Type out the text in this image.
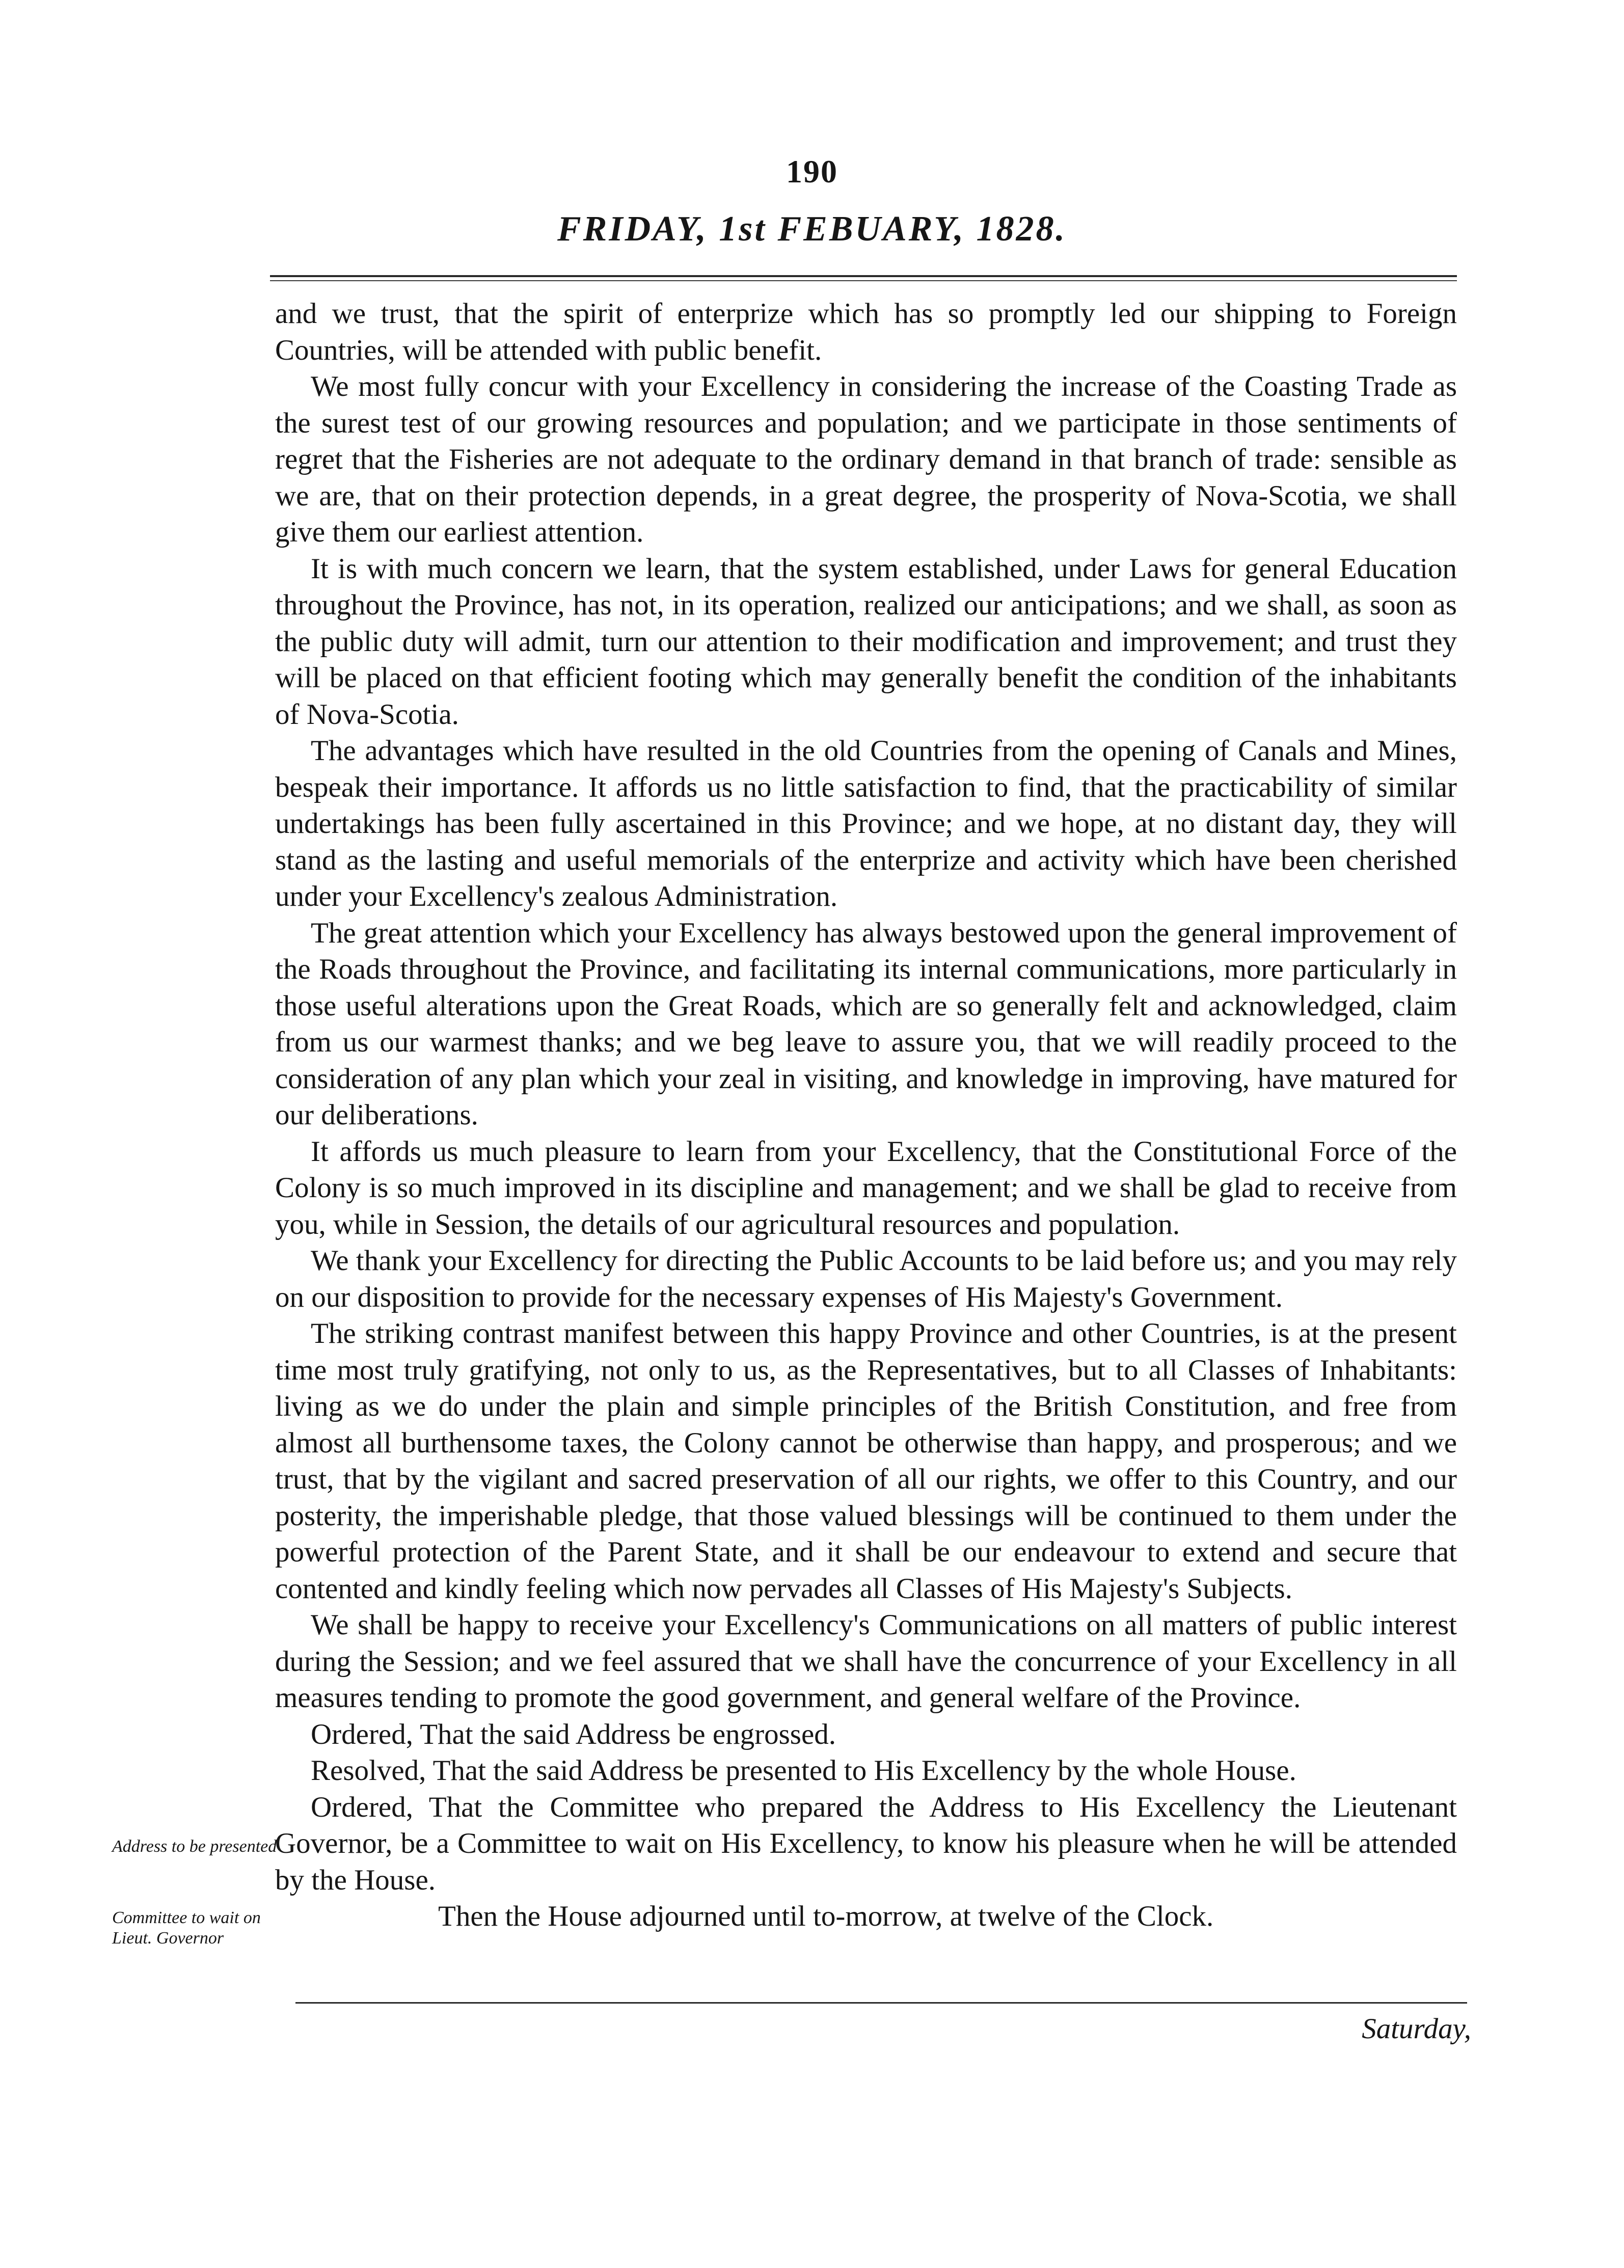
190
FRIDAY, 1st FEBUARY, 1828.

and we trust, that the spirit of enterprize which has so promptly led our shipping to Foreign Countries, will be attended with public benefit.

We most fully concur with your Excellency in considering the increase of the Coasting Trade as the surest test of our growing resources and population; and we participate in those sentiments of regret that the Fisheries are not adequate to the ordinary demand in that branch of trade: sensible as we are, that on their protection depends, in a great degree, the prosperity of Nova-Scotia, we shall give them our earliest attention.

It is with much concern we learn, that the system established, under Laws for general Education throughout the Province, has not, in its operation, realized our anticipations; and we shall, as soon as the public duty will admit, turn our attention to their modification and improvement; and trust they will be placed on that efficient footing which may generally benefit the condition of the inhabitants of Nova-Scotia.

The advantages which have resulted in the old Countries from the opening of Canals and Mines, bespeak their importance. It affords us no little satisfaction to find, that the practicability of similar undertakings has been fully ascertained in this Province; and we hope, at no distant day, they will stand as the lasting and useful memorials of the enterprize and activity which have been cherished under your Excellency's zealous Administration.

The great attention which your Excellency has always bestowed upon the general improvement of the Roads throughout the Province, and facilitating its internal communications, more particularly in those useful alterations upon the Great Roads, which are so generally felt and acknowledged, claim from us our warmest thanks; and we beg leave to assure you, that we will readily proceed to the consideration of any plan which your zeal in visiting, and knowledge in improving, have matured for our deliberations.

It affords us much pleasure to learn from your Excellency, that the Constitutional Force of the Colony is so much improved in its discipline and management; and we shall be glad to receive from you, while in Session, the details of our agricultural resources and population.

We thank your Excellency for directing the Public Accounts to be laid before us; and you may rely on our disposition to provide for the necessary expenses of His Majesty's Government.

The striking contrast manifest between this happy Province and other Countries, is at the present time most truly gratifying, not only to us, as the Representatives, but to all Classes of Inhabitants: living as we do under the plain and simple principles of the British Constitution, and free from almost all burthensome taxes, the Colony cannot be otherwise than happy, and prosperous; and we trust, that by the vigilant and sacred preservation of all our rights, we offer to this Country, and our posterity, the imperishable pledge, that those valued blessings will be continued to them under the powerful protection of the Parent State, and it shall be our endeavour to extend and secure that contented and kindly feeling which now pervades all Classes of His Majesty's Subjects.

We shall be happy to receive your Excellency's Communications on all matters of public interest during the Session; and we feel assured that we shall have the concurrence of your Excellency in all measures tending to promote the good government, and general welfare of the Province.

Ordered, That the said Address be engrossed.

Resolved, That the said Address be presented to His Excellency by the whole House.

Ordered, That the Committee who prepared the Address to His Excellency the Lieutenant Governor, be a Committee to wait on His Excellency, to know his pleasure when he will be attended by the House.

Then the House adjourned until to-morrow, at twelve of the Clock.

Address to be presented
Committee to wait on Lieut. Governor
Saturday,
